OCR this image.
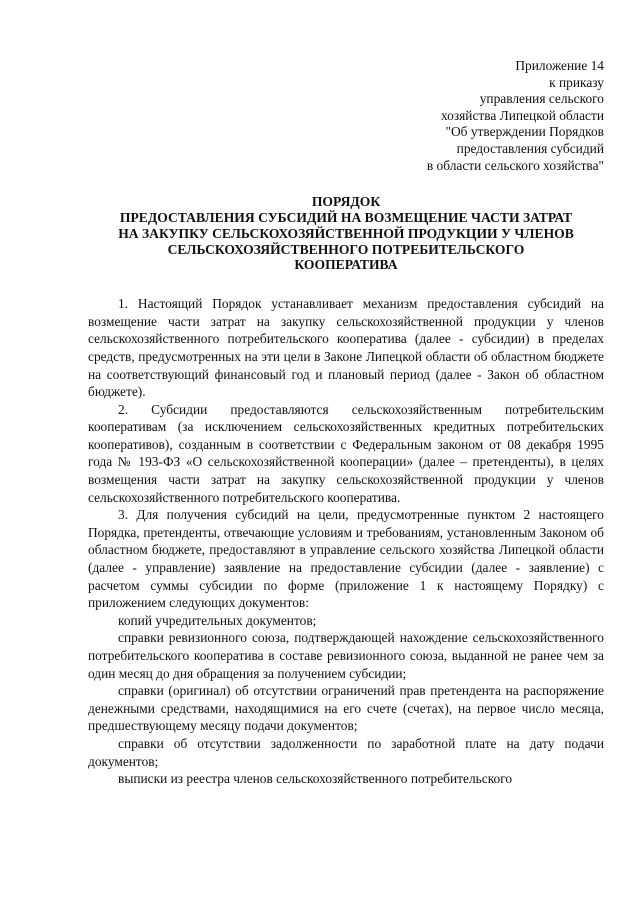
Приложение 14
к приказу
управления сельского
хозяйства Липецкой области
"Об утверждении Порядков
предоставления субсидий
в области сельского хозяйства"
ПОРЯДОК
ПРЕДОСТАВЛЕНИЯ СУБСИДИЙ НА ВОЗМЕЩЕНИЕ ЧАСТИ ЗАТРАТ
НА ЗАКУПКУ СЕЛЬСКОХОЗЯЙСТВЕННОЙ ПРОДУКЦИИ У ЧЛЕНОВ
СЕЛЬСКОХОЗЯЙСТВЕННОГО ПОТРЕБИТЕЛЬСКОГО
КООПЕРАТИВА

1. Настоящий Порядок устанавливает механизм предоставления субсидий на возмещение части затрат на закупку сельскохозяйственной продукции у членов сельскохозяйственного потребительского кооператива (далее - субсидии) в пределах средств, предусмотренных на эти цели в Законе Липецкой области об областном бюджете на соответствующий финансовый год и плановый период (далее - Закон об областном бюджете).

2. Субсидии предоставляются сельскохозяйственным потребительским кооперативам (за исключением сельскохозяйственных кредитных потребительских кооперативов), созданным в соответствии с Федеральным законом от 08 декабря 1995 года № 193-ФЗ «О сельскохозяйственной кооперации» (далее – претенденты), в целях возмещения части затрат на закупку сельскохозяйственной продукции у членов сельскохозяйственного потребительского кооператива.

3. Для получения субсидий на цели, предусмотренные пунктом 2 настоящего Порядка, претенденты, отвечающие условиям и требованиям, установленным Законом об областном бюджете, предоставляют в управление сельского хозяйства Липецкой области (далее - управление) заявление на предоставление субсидии (далее - заявление) с расчетом суммы субсидии по форме (приложение 1 к настоящему Порядку) с приложением следующих документов:

копий учредительных документов;

справки ревизионного союза, подтверждающей нахождение сельскохозяйственного потребительского кооператива в составе ревизионного союза, выданной не ранее чем за один месяц до дня обращения за получением субсидии;

справки (оригинал) об отсутствии ограничений прав претендента на распоряжение денежными средствами, находящимися на его счете (счетах), на первое число месяца, предшествующему месяцу подачи документов;

справки об отсутствии задолженности по заработной плате на дату подачи документов;

выписки из реестра членов сельскохозяйственного потребительского
